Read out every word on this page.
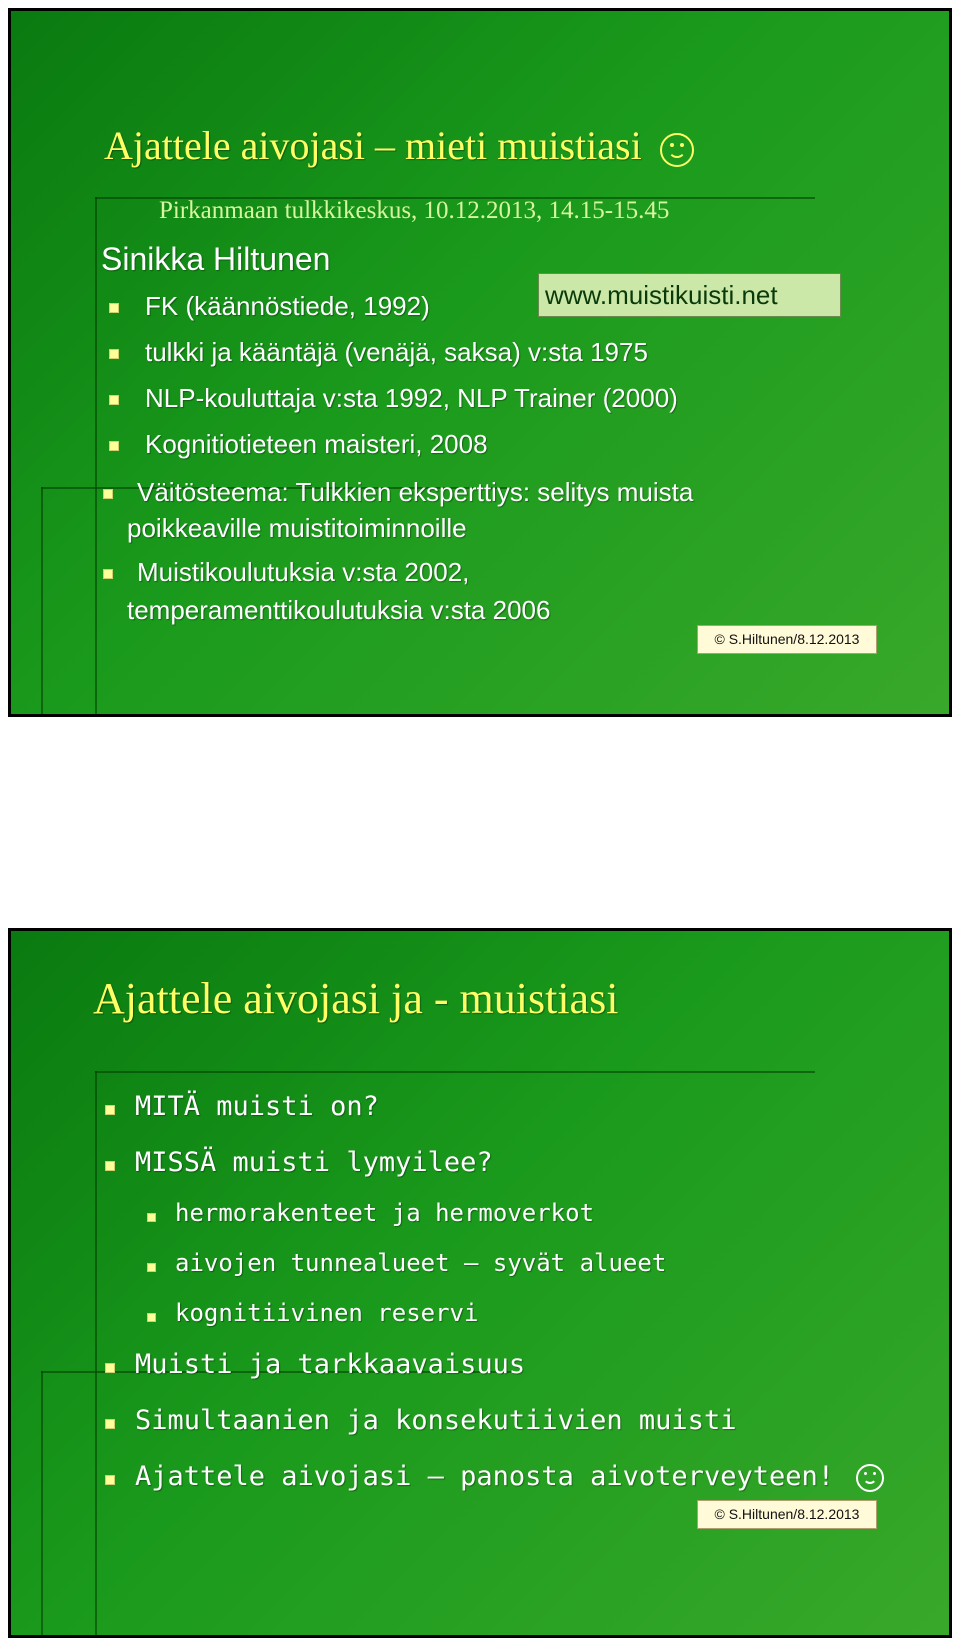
Ajattele aivojasi – mieti muistiasi
Pirkanmaan tulkkikeskus, 10.12.2013, 14.15-15.45
Sinikka Hiltunen
www.muistikuisti.net
FK (käännöstiede, 1992)
tulkki ja kääntäjä (venäjä, saksa) v:sta 1975
NLP-kouluttaja v:sta 1992, NLP Trainer (2000)
Kognitiotieteen maisteri, 2008
Väitösteema: Tulkkien eksperttiys: selitys muista
poikkeaville muistitoiminnoille
Muistikoulutuksia v:sta 2002,
temperamenttikoulutuksia v:sta 2006
© S.Hiltunen/8.12.2013
Ajattele aivojasi ja - muistiasi
MITÄ muisti on?
MISSÄ muisti lymyilee?
hermorakenteet ja hermoverkot
aivojen tunnealueet – syvät alueet
kognitiivinen reservi
Muisti ja tarkkaavaisuus
Simultaanien ja konsekutiivien muisti
Ajattele aivojasi – panosta aivoterveyteen!
© S.Hiltunen/8.12.2013
